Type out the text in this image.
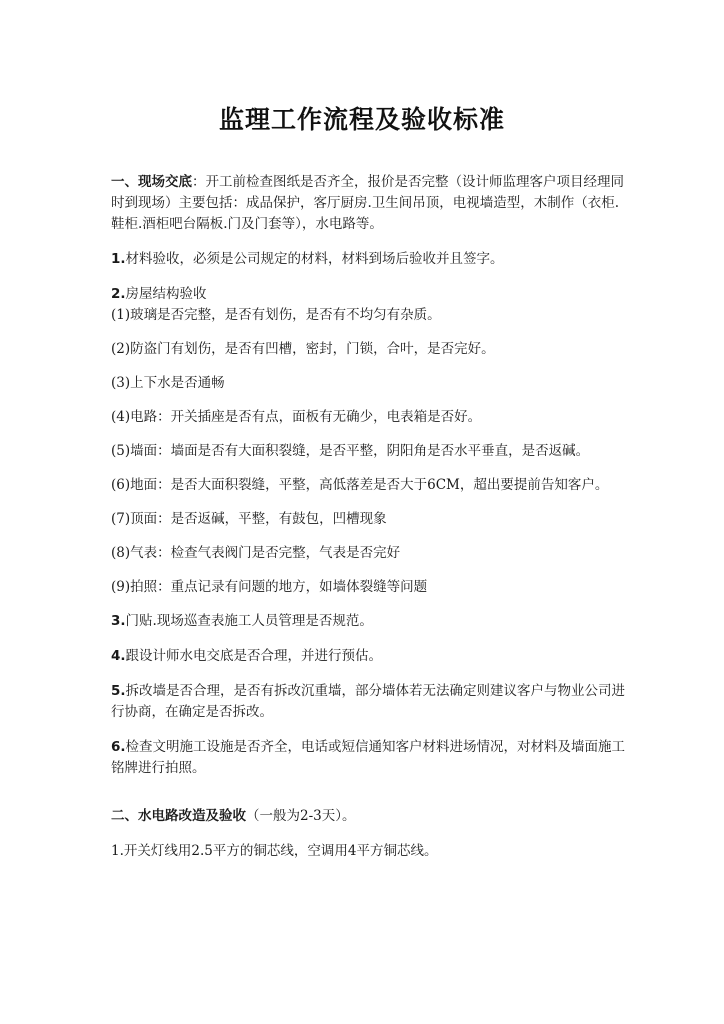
监理工作流程及验收标准

一、现场交底：开工前检查图纸是否齐全，报价是否完整（设计师监理客户项目经理同时到现场）主要包括：成品保护，客厅厨房.卫生间吊顶，电视墙造型，木制作（衣柜.鞋柜.酒柜吧台隔板.门及门套等），水电路等。

1.材料验收，必须是公司规定的材料，材料到场后验收并且签字。

2.房屋结构验收

(1)玻璃是否完整，是否有划伤，是否有不均匀有杂质。

(2)防盗门有划伤，是否有凹槽，密封，门锁，合叶，是否完好。

(3)上下水是否通畅

(4)电路：开关插座是否有点，面板有无确少，电表箱是否好。

(5)墙面：墙面是否有大面积裂缝，是否平整，阴阳角是否水平垂直，是否返碱。

(6)地面：是否大面积裂缝，平整，高低落差是否大于6CM，超出要提前告知客户。

(7)顶面：是否返碱，平整，有鼓包，凹槽现象

(8)气表：检查气表阀门是否完整，气表是否完好

(9)拍照：重点记录有问题的地方，如墙体裂缝等问题

3.门贴.现场巡查表施工人员管理是否规范。

4.跟设计师水电交底是否合理，并进行预估。

5.拆改墙是否合理，是否有拆改沉重墙，部分墙体若无法确定则建议客户与物业公司进行协商，在确定是否拆改。

6.检查文明施工设施是否齐全，电话或短信通知客户材料进场情况，对材料及墙面施工铭牌进行拍照。

二、水电路改造及验收（一般为2-3天）。

1.开关灯线用2.5平方的铜芯线，空调用4平方铜芯线。
